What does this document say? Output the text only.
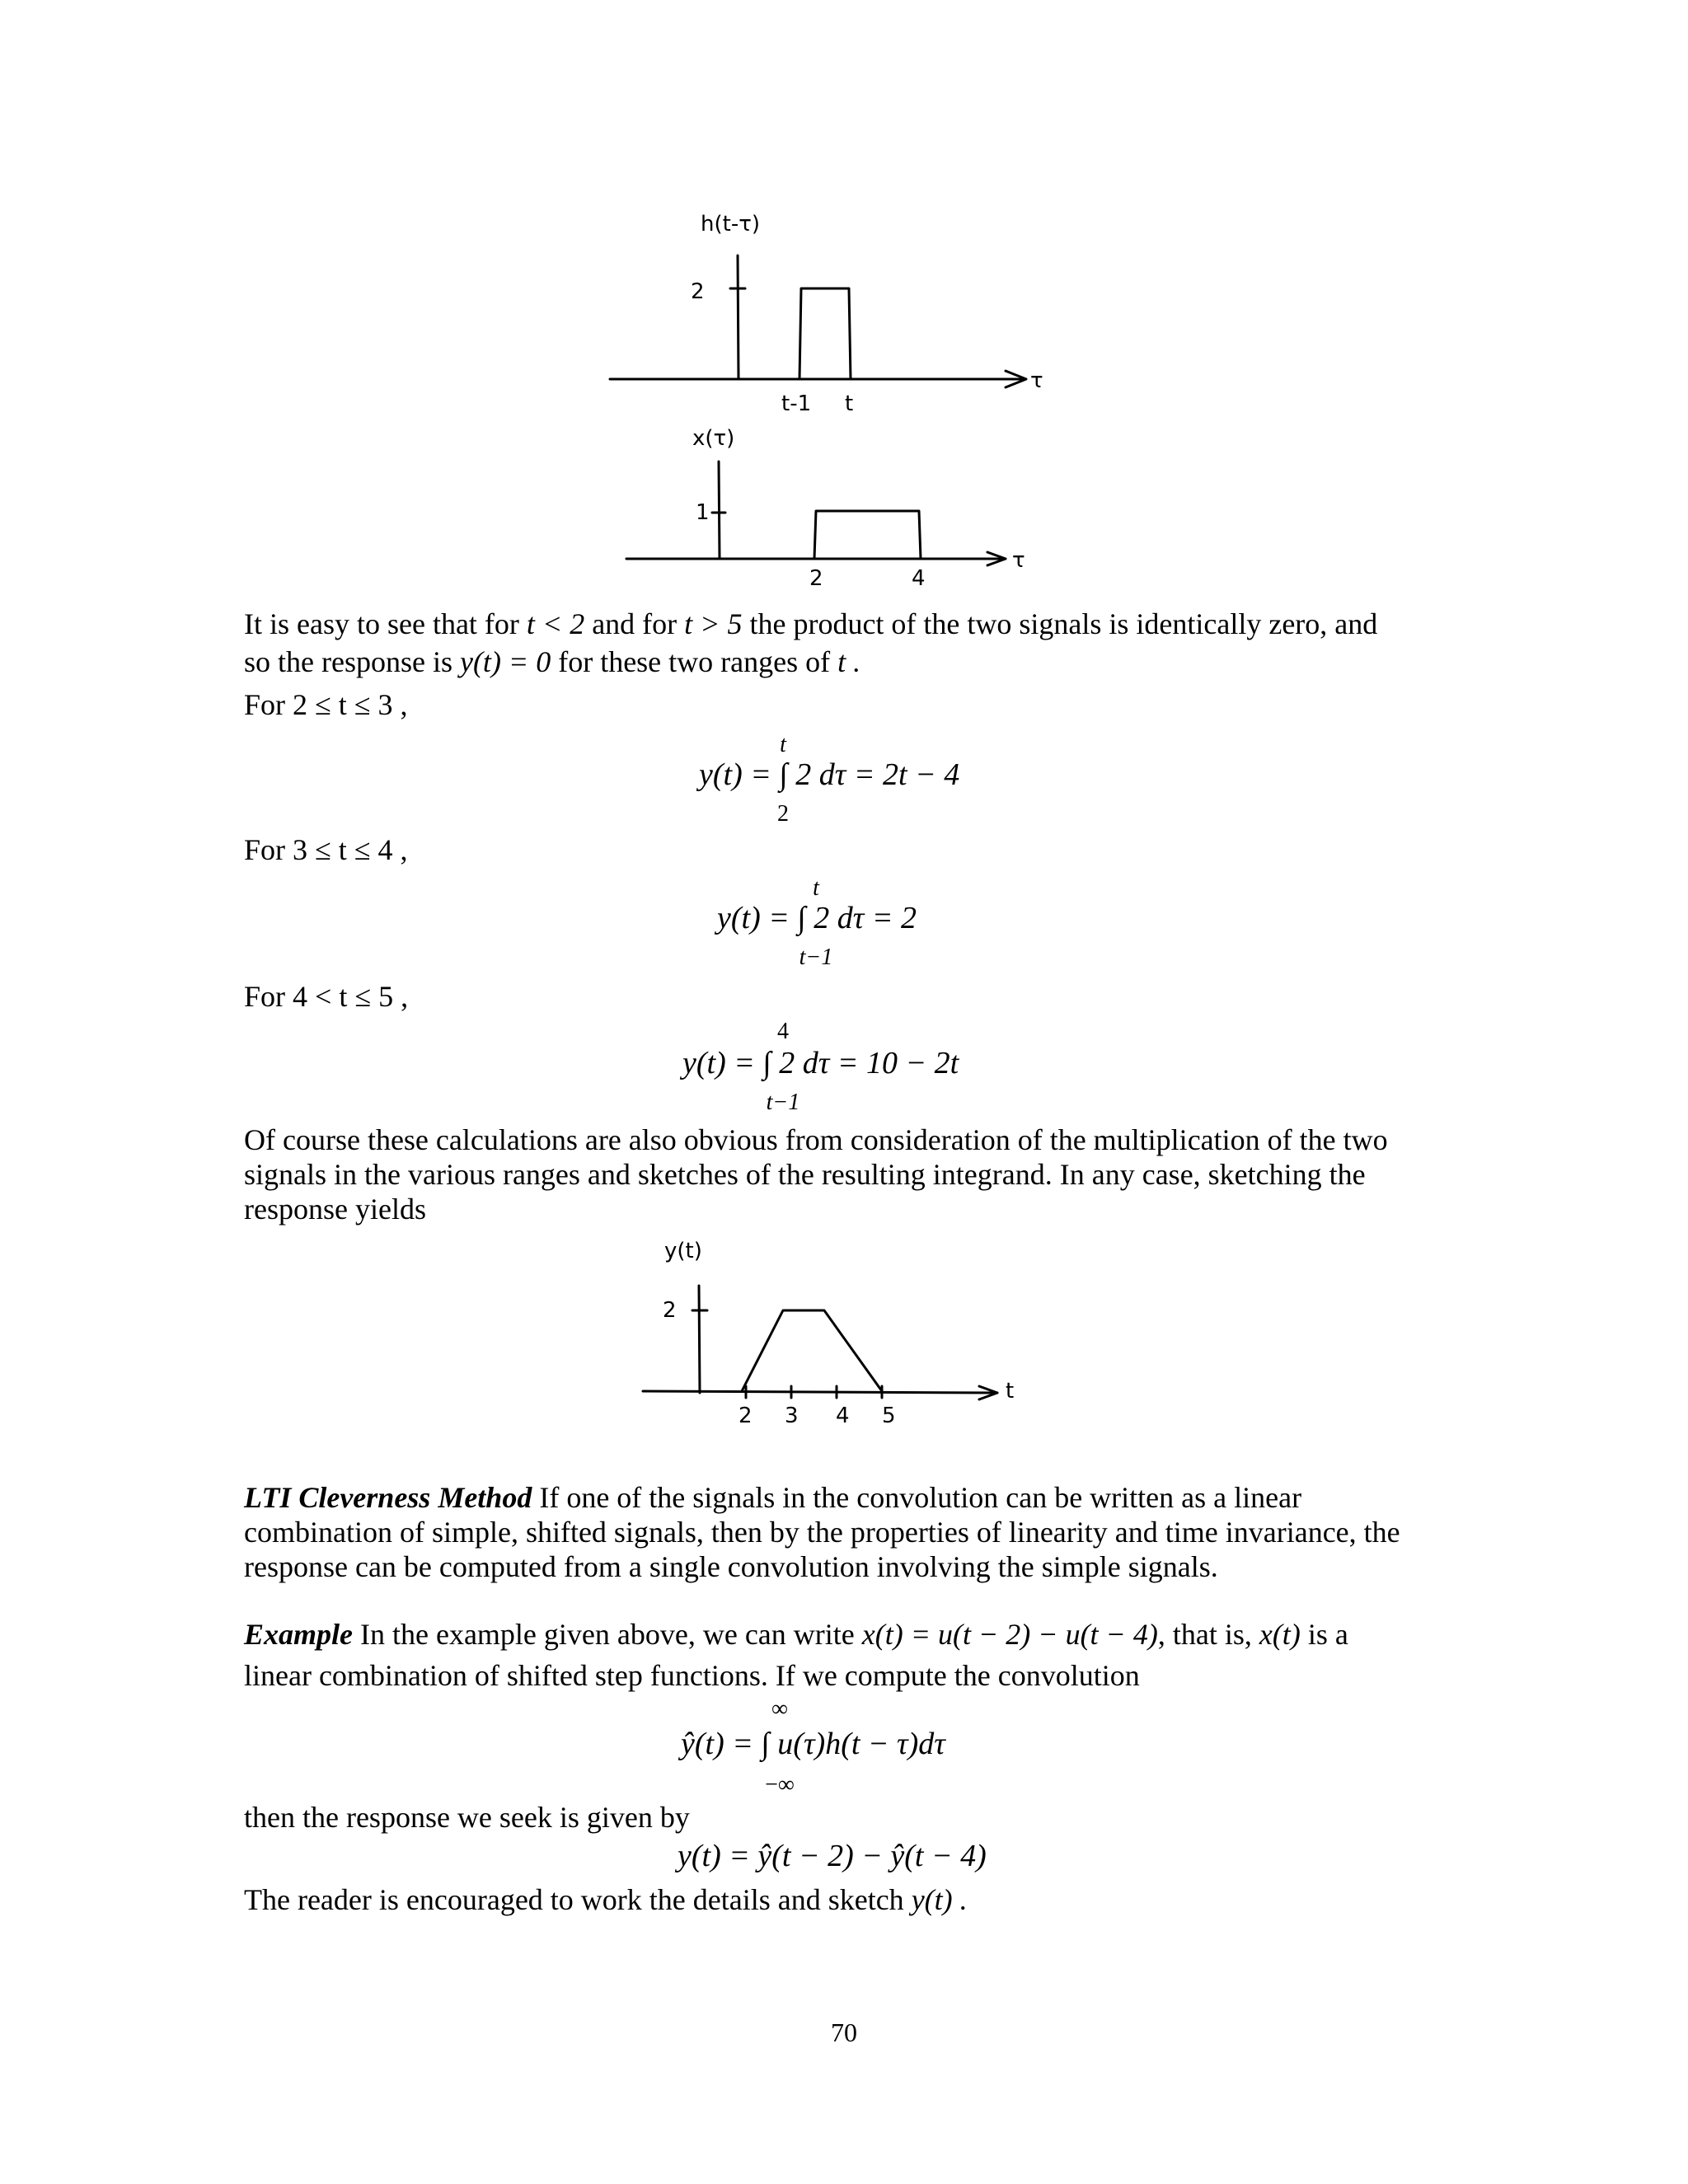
h(t-τ)
2
t-1 t
τ
x(τ)
1
2	4
τ
It is easy to see that for t < 2 and for t > 5 the product of the two signals is identically zero, and
so the response is y(t) = 0 for these two ranges of t .
For 2 ≤ t ≤ 3 ,
t
y(t) = ∫ 2 dτ = 2t − 4
2
For 3 ≤ t ≤ 4 ,
t
y(t) = ∫ 2 dτ = 2
t−1
For 4 < t ≤ 5 ,
4
y(t) = ∫ 2 dτ = 10 − 2t
t−1
Of course these calculations are also obvious from consideration of the multiplication of the two signals in the various ranges and sketches of the resulting integrand. In any case, sketching the response yields
y(t)
2
2 3 4 5
t
LTI Cleverness Method If one of the signals in the convolution can be written as a linear combination of simple, shifted signals, then by the properties of linearity and time invariance, the response can be computed from a single convolution involving the simple signals.
Example In the example given above, we can write x(t) = u(t − 2) − u(t − 4), that is, x(t) is a
linear combination of shifted step functions. If we compute the convolution
∞
ŷ(t) = ∫ u(τ)h(t − τ)dτ
−∞
then the response we seek is given by
y(t) = ŷ(t − 2) − ŷ(t − 4)
The reader is encouraged to work the details and sketch y(t) .
70
